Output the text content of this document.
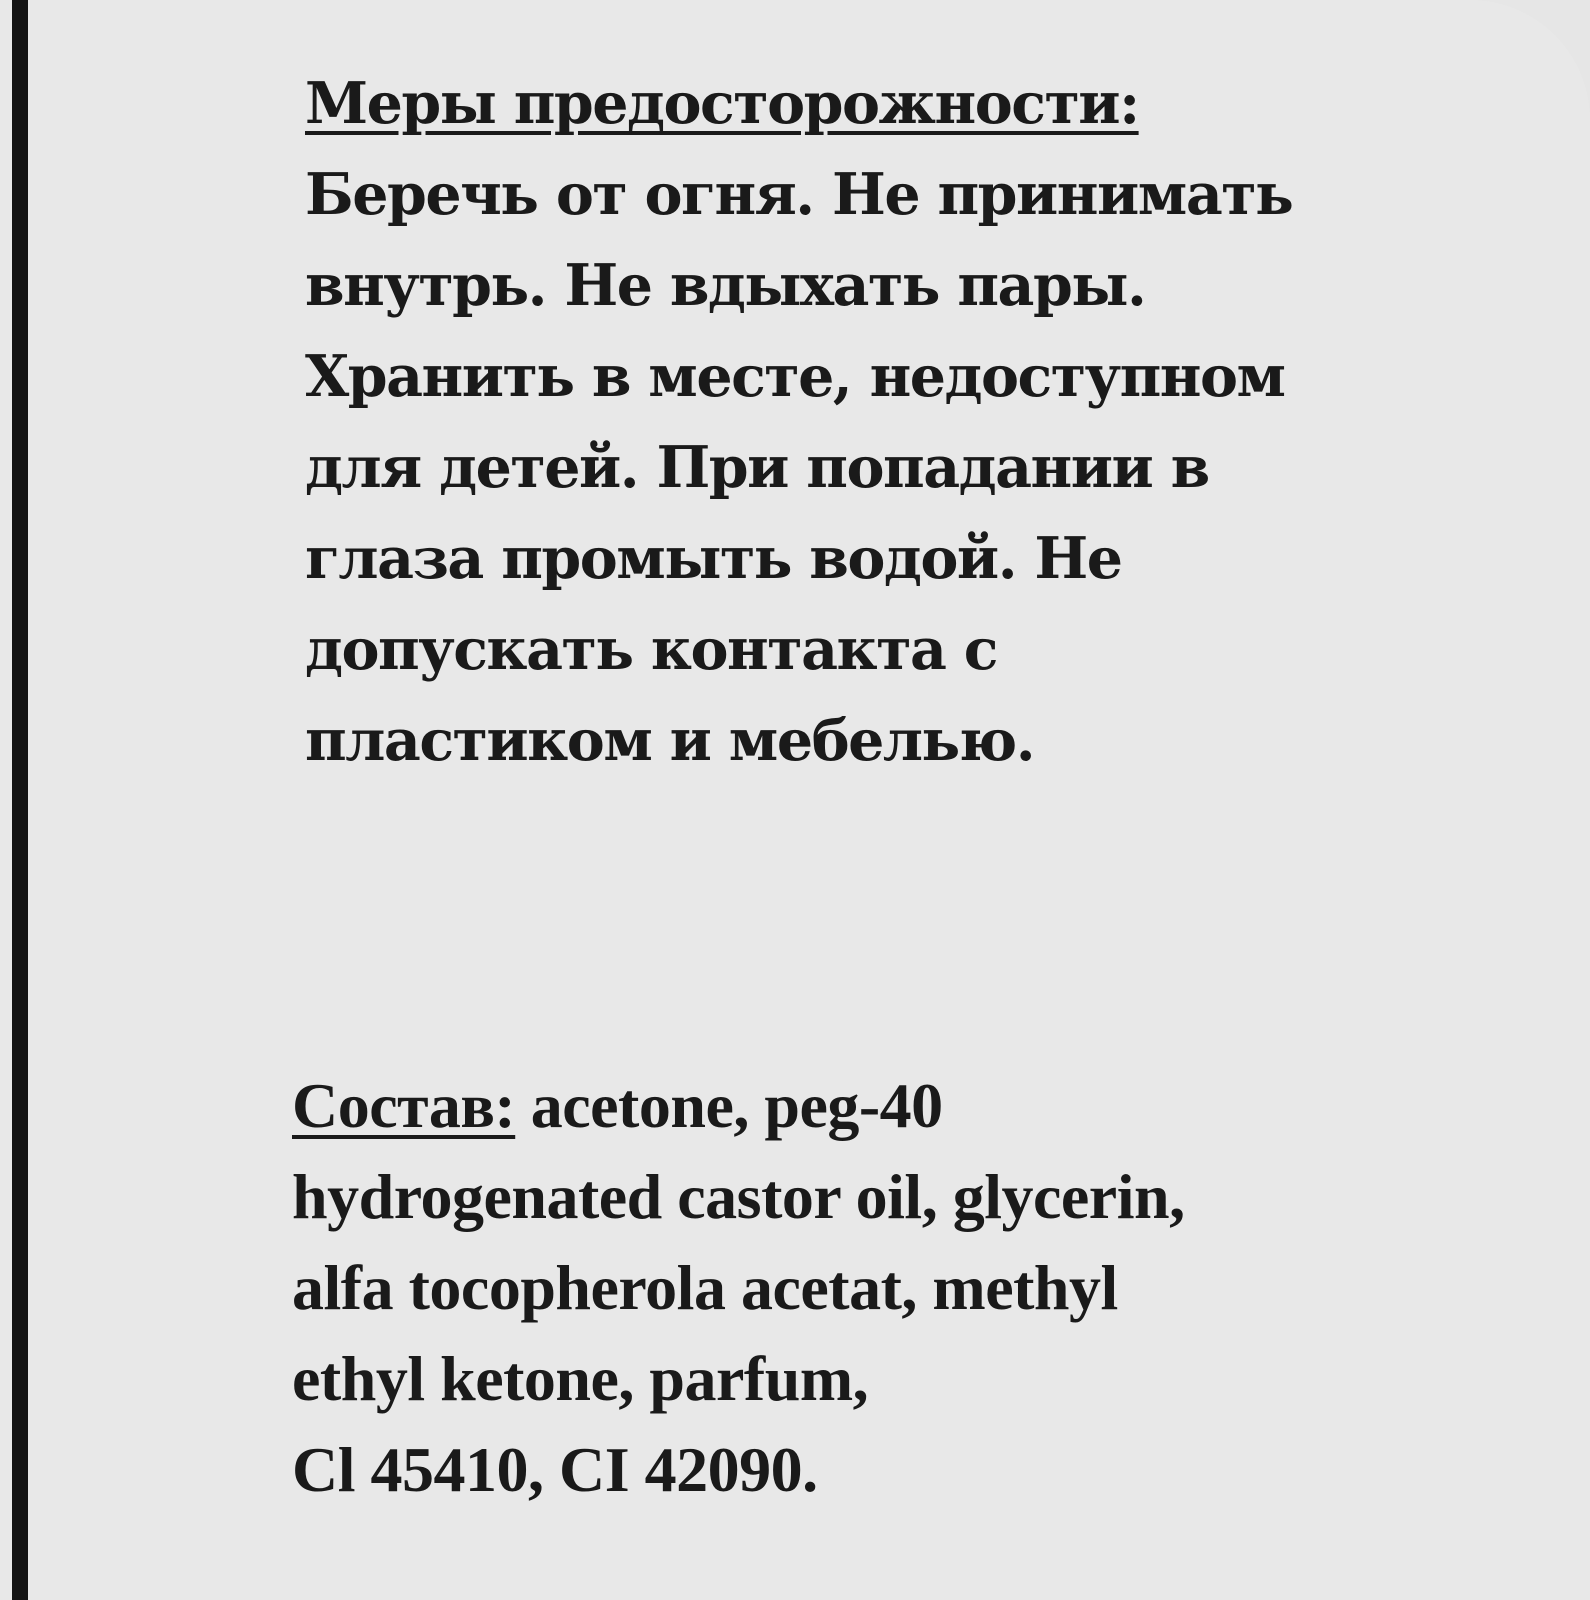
Меры предосторожности:
Беречь от огня. Не принимать
внутрь. Не вдыхать пары.
Хранить в месте, недоступном
для детей. При попадании в
глаза промыть водой. Не
допускать контакта с
пластиком и мебелью.
Состав: acetone, peg-40
hydrogenated castor oil, glycerin,
alfa tocopherola acetat, methyl
ethyl ketone, parfum,
Cl 45410, CI 42090.
